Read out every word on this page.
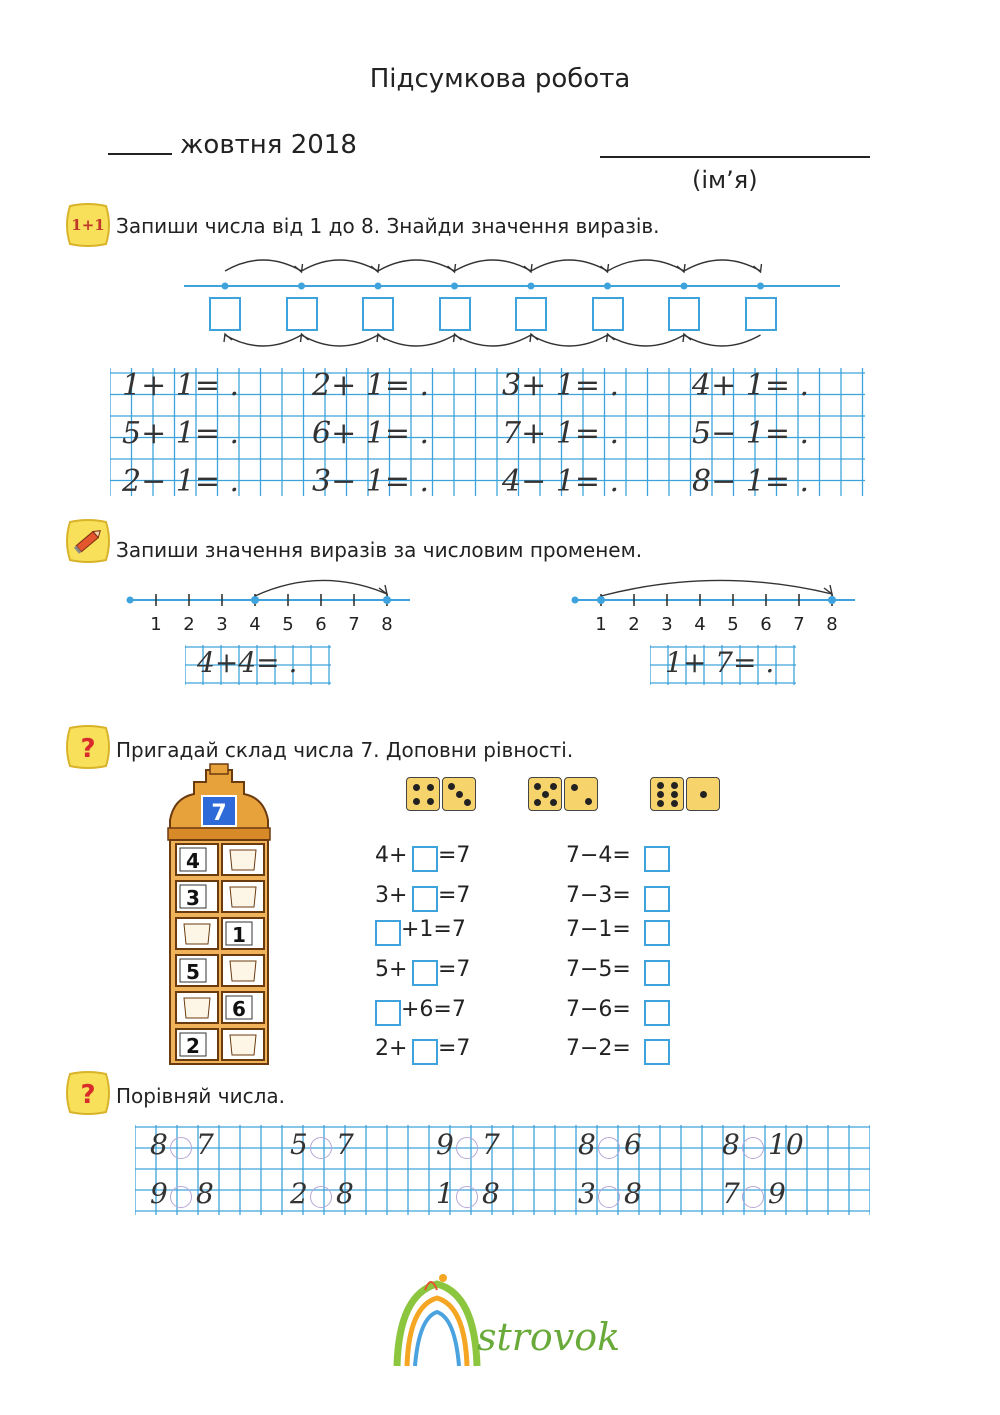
Підсумкова робота
жовтня 2018
(ім’я)
1+1 Запиши числа від 1 до 8. Знайди значення виразів.
1+ 1= . 2+ 1= . 3+ 1= . 4+ 1= .
5+ 1= . 6+ 1= . 7+ 1= . 5− 1= .
2− 1= . 3− 1= . 4− 1= . 8− 1= .
Запиши значення виразів за числовим променем.
1 2 3 4 5 6 7 8	1 2 3 4 5 6 7 8
4+4= .	1+ 7= .
? Пригадай склад числа 7. Доповни рівності.
7
4
3
1
5
6
2
4+ =7
3+ =7
+1=7
5+ =7
+6=7
2+ =7
7−4=
7−3=
7−1=
7−5=
7−6=
7−2=
? Порівняй числа.
8 7	5 7	9 7	8 6	8 10
9 8	2 8	1 8	3 8	7 9
strovok
